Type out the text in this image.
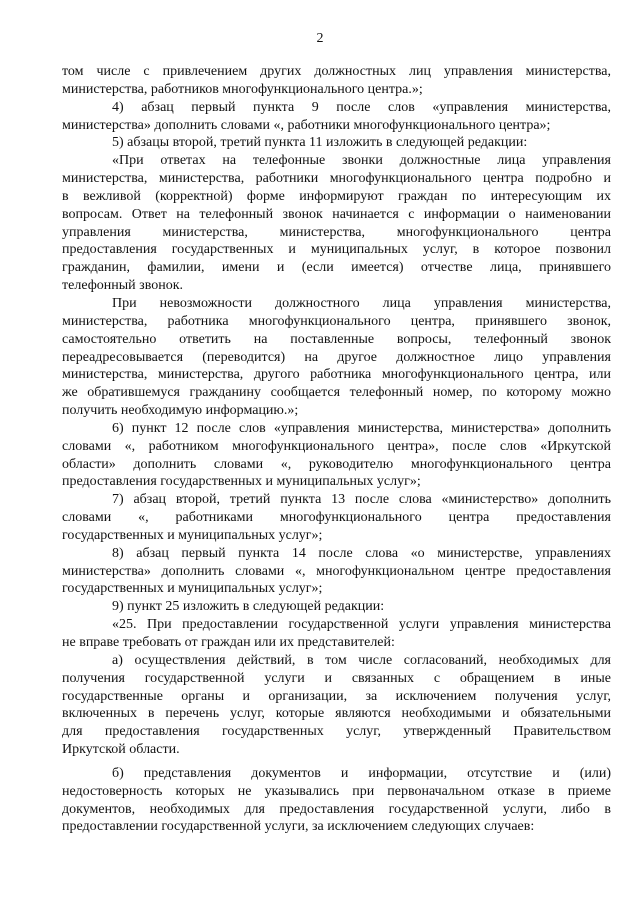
2

том числе с привлечением других должностных лиц управления министерства,

министерства, работников многофункционального центра.»;

4) абзац первый пункта 9 после слов «управления министерства,

министерства» дополнить словами «, работники многофункционального центра»;

5) абзацы второй, третий пункта 11 изложить в следующей редакции:

«При ответах на телефонные звонки должностные лица управления

министерства, министерства, работники многофункционального центра подробно и

в вежливой (корректной) форме информируют граждан по интересующим их

вопросам. Ответ на телефонный звонок начинается с информации о наименовании

управления министерства, министерства, многофункционального центра

предоставления государственных и муниципальных услуг, в которое позвонил

гражданин, фамилии, имени и (если имеется) отчестве лица, принявшего

телефонный звонок.

При невозможности должностного лица управления министерства,

министерства, работника многофункционального центра, принявшего звонок,

самостоятельно ответить на поставленные вопросы, телефонный звонок

переадресовывается (переводится) на другое должностное лицо управления

министерства, министерства, другого работника многофункционального центра, или

же обратившемуся гражданину сообщается телефонный номер, по которому можно

получить необходимую информацию.»;

6) пункт 12 после слов «управления министерства, министерства» дополнить

словами «, работником многофункционального центра», после слов «Иркутской

области» дополнить словами «, руководителю многофункционального центра

предоставления государственных и муниципальных услуг»;

7) абзац второй, третий пункта 13 после слова «министерство» дополнить

словами «, работниками многофункционального центра предоставления

государственных и муниципальных услуг»;

8) абзац первый пункта 14 после слова «о министерстве, управлениях

министерства» дополнить словами «, многофункциональном центре предоставления

государственных и муниципальных услуг»;

9) пункт 25 изложить в следующей редакции:

«25. При предоставлении государственной услуги управления министерства

не вправе требовать от граждан или их представителей:

а) осуществления действий, в том числе согласований, необходимых для

получения государственной услуги и связанных с обращением в иные

государственные органы и организации, за исключением получения услуг,

включенных в перечень услуг, которые являются необходимыми и обязательными

для предоставления государственных услуг, утвержденный Правительством

Иркутской области.

б) представления документов и информации, отсутствие и (или)

недостоверность которых не указывались при первоначальном отказе в приеме

документов, необходимых для предоставления государственной услуги, либо в

предоставлении государственной услуги, за исключением следующих случаев:
